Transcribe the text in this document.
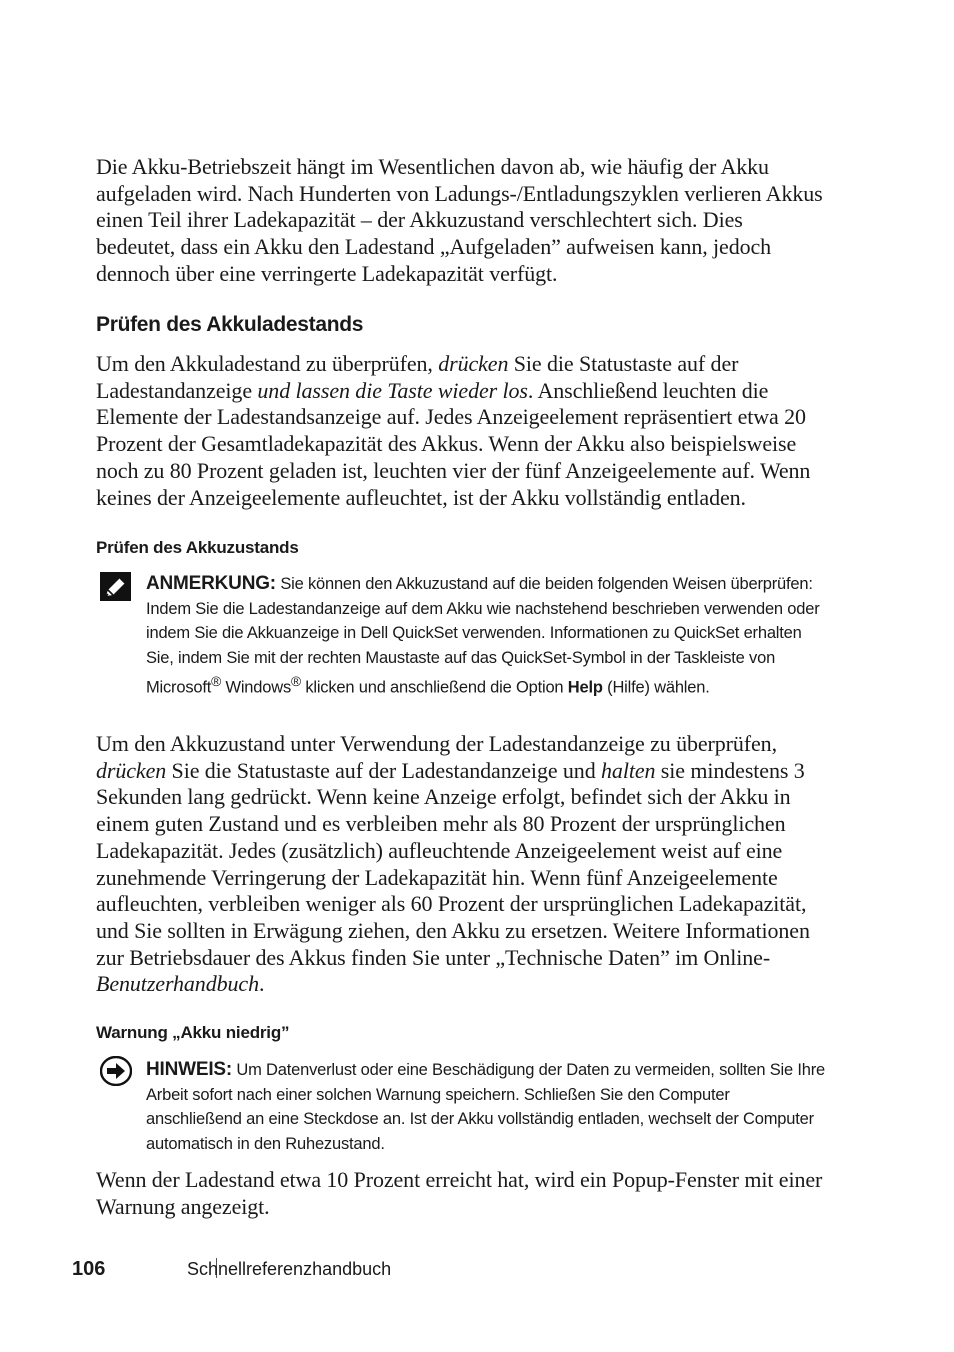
Die Akku-Betriebszeit hängt im Wesentlichen davon ab, wie häufig der Akku aufgeladen wird. Nach Hunderten von Ladungs-/Entladungszyklen verlieren Akkus einen Teil ihrer Ladekapazität – der Akkuzustand verschlechtert sich. Dies bedeutet, dass ein Akku den Ladestand „Aufgeladen” aufweisen kann, jedoch dennoch über eine verringerte Ladekapazität verfügt.

Prüfen des Akkuladestands

Um den Akkuladestand zu überprüfen, drücken Sie die Statustaste auf der Ladestandanzeige und lassen die Taste wieder los. Anschließend leuchten die Elemente der Ladestandsanzeige auf. Jedes Anzeigeelement repräsentiert etwa 20 Prozent der Gesamtladekapazität des Akkus. Wenn der Akku also beispielsweise noch zu 80 Prozent geladen ist, leuchten vier der fünf Anzeigeelemente auf. Wenn keines der Anzeigeelemente aufleuchtet, ist der Akku vollständig entladen.

Prüfen des Akkuzustands
ANMERKUNG: Sie können den Akkuzustand auf die beiden folgenden Weisen überprüfen: Indem Sie die Ladestandanzeige auf dem Akku wie nachstehend beschrieben verwenden oder indem Sie die Akkuanzeige in Dell QuickSet verwenden. Informationen zu QuickSet erhalten Sie, indem Sie mit der rechten Maustaste auf das QuickSet-Symbol in der Taskleiste von Microsoft® Windows® klicken und anschließend die Option Help (Hilfe) wählen.

Um den Akkuzustand unter Verwendung der Ladestandanzeige zu überprüfen, drücken Sie die Statustaste auf der Ladestandanzeige und halten sie mindestens 3 Sekunden lang gedrückt. Wenn keine Anzeige erfolgt, befindet sich der Akku in einem guten Zustand und es verbleiben mehr als 80 Prozent der ursprünglichen Ladekapazität. Jedes (zusätzlich) aufleuchtende Anzeigeelement weist auf eine zunehmende Verringerung der Ladekapazität hin. Wenn fünf Anzeigeelemente aufleuchten, verbleiben weniger als 60 Prozent der ursprünglichen Ladekapazität, und Sie sollten in Erwägung ziehen, den Akku zu ersetzen. Weitere Informationen zur Betriebsdauer des Akkus finden Sie unter „Technische Daten” im Online-Benutzerhandbuch.

Warnung „Akku niedrig”
HINWEIS: Um Datenverlust oder eine Beschädigung der Daten zu vermeiden, sollten Sie Ihre Arbeit sofort nach einer solchen Warnung speichern. Schließen Sie den Computer anschließend an eine Steckdose an. Ist der Akku vollständig entladen, wechselt der Computer automatisch in den Ruhezustand.

Wenn der Ladestand etwa 10 Prozent erreicht hat, wird ein Popup-Fenster mit einer Warnung angezeigt.

106	Schnellreferenzhandbuch
